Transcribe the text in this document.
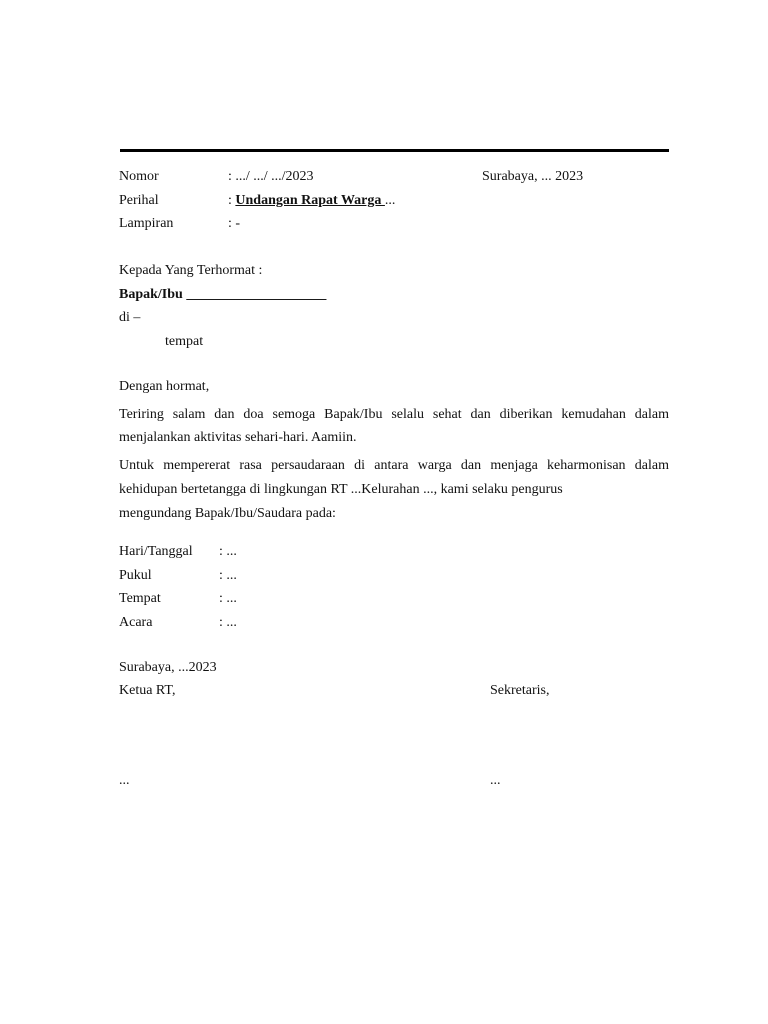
Nomor	: .../ .../ .../2023	Surabaya, ... 2023
Perihal	: Undangan Rapat Warga ...
Lampiran	: -
Kepada Yang Terhormat :
Bapak/Ibu ____________________
di –
tempat
Dengan hormat,
Teriring salam dan doa semoga Bapak/Ibu selalu sehat dan diberikan kemudahan dalam
menjalankan aktivitas sehari-hari. Aamiin.
Untuk mempererat rasa persaudaraan di antara warga dan menjaga keharmonisan dalam
kehidupan bertetangga di lingkungan RT ...Kelurahan ..., kami selaku pengurus
mengundang Bapak/Ibu/Saudara pada:
Hari/Tanggal : ...
Pukul	: ...
Tempat	: ...
Acara	: ...
Surabaya, ...2023
Ketua RT,	Sekretaris,
...	...
